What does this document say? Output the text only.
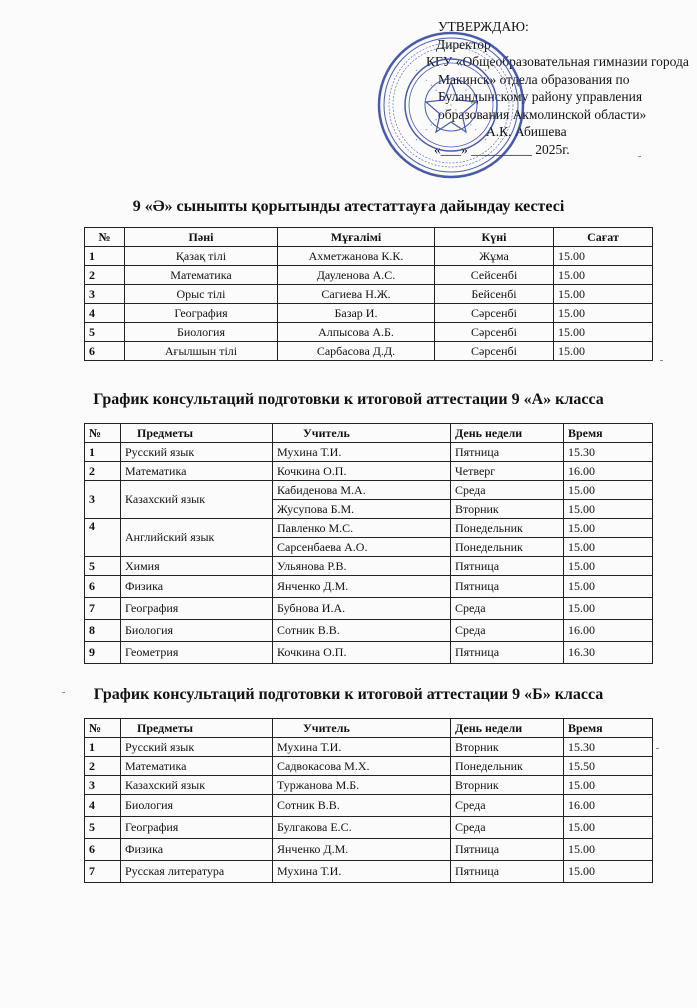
УТВЕРЖДАЮ:
Директор
КГУ «Общеобразовательная гимназии города
Макинск» отдела образования по
Буландынскому району управления
образования Акмолинской области»
А.К. Абишева
«___» _________ 2025г.
9 «Ә» сыныпты қорытынды атестаттауға дайындау кестесі
№	Пәні	Мұғалімі	Күні	Сағат
1	Қазақ тілі	Ахметжанова К.К.	Жұма	15.00
2	Математика	Дауленова А.С.	Сейсенбі	15.00
3	Орыс тілі	Сагиева Н.Ж.	Бейсенбі	15.00
4	География	Базар И.	Сәрсенбі	15.00
5	Биология	Алпысова А.Б.	Сәрсенбі	15.00
6	Ағылшын тілі	Сарбасова Д.Д.	Сәрсенбі	15.00
График консультаций подготовки к итоговой аттестации 9 «А» класса
№	Предметы	Учитель	День недели	Время
1	Русский язык	Мухина Т.И.	Пятница	15.30
2	Математика	Кочкина О.П.	Четверг	16.00
3	Казахский язык	Кабиденова М.А.	Среда	15.00
		Жусупова Б.М.	Вторник	15.00
4	Английский язык	Павленко М.С.	Понедельник	15.00
		Сарсенбаева А.О.	Понедельник	15.00
5	Химия	Ульянова Р.В.	Пятница	15.00
6	Физика	Янченко Д.М.	Пятница	15.00
7	География	Бубнова И.А.	Среда	15.00
8	Биология	Сотник В.В.	Среда	16.00
9	Геометрия	Кочкина О.П.	Пятница	16.30
График консультаций подготовки к итоговой аттестации 9 «Б» класса
№	Предметы	Учитель	День недели	Время
1	Русский язык	Мухина Т.И.	Вторник	15.30
2	Математика	Садвокасова М.Х.	Понедельник	15.50
3	Казахский язык	Туржанова М.Б.	Вторник	15.00
4	Биология	Сотник В.В.	Среда	16.00
5	География	Булгакова Е.С.	Среда	15.00
6	Физика	Янченко Д.М.	Пятница	15.00
7	Русская литература	Мухина Т.И.	Пятница	15.00
